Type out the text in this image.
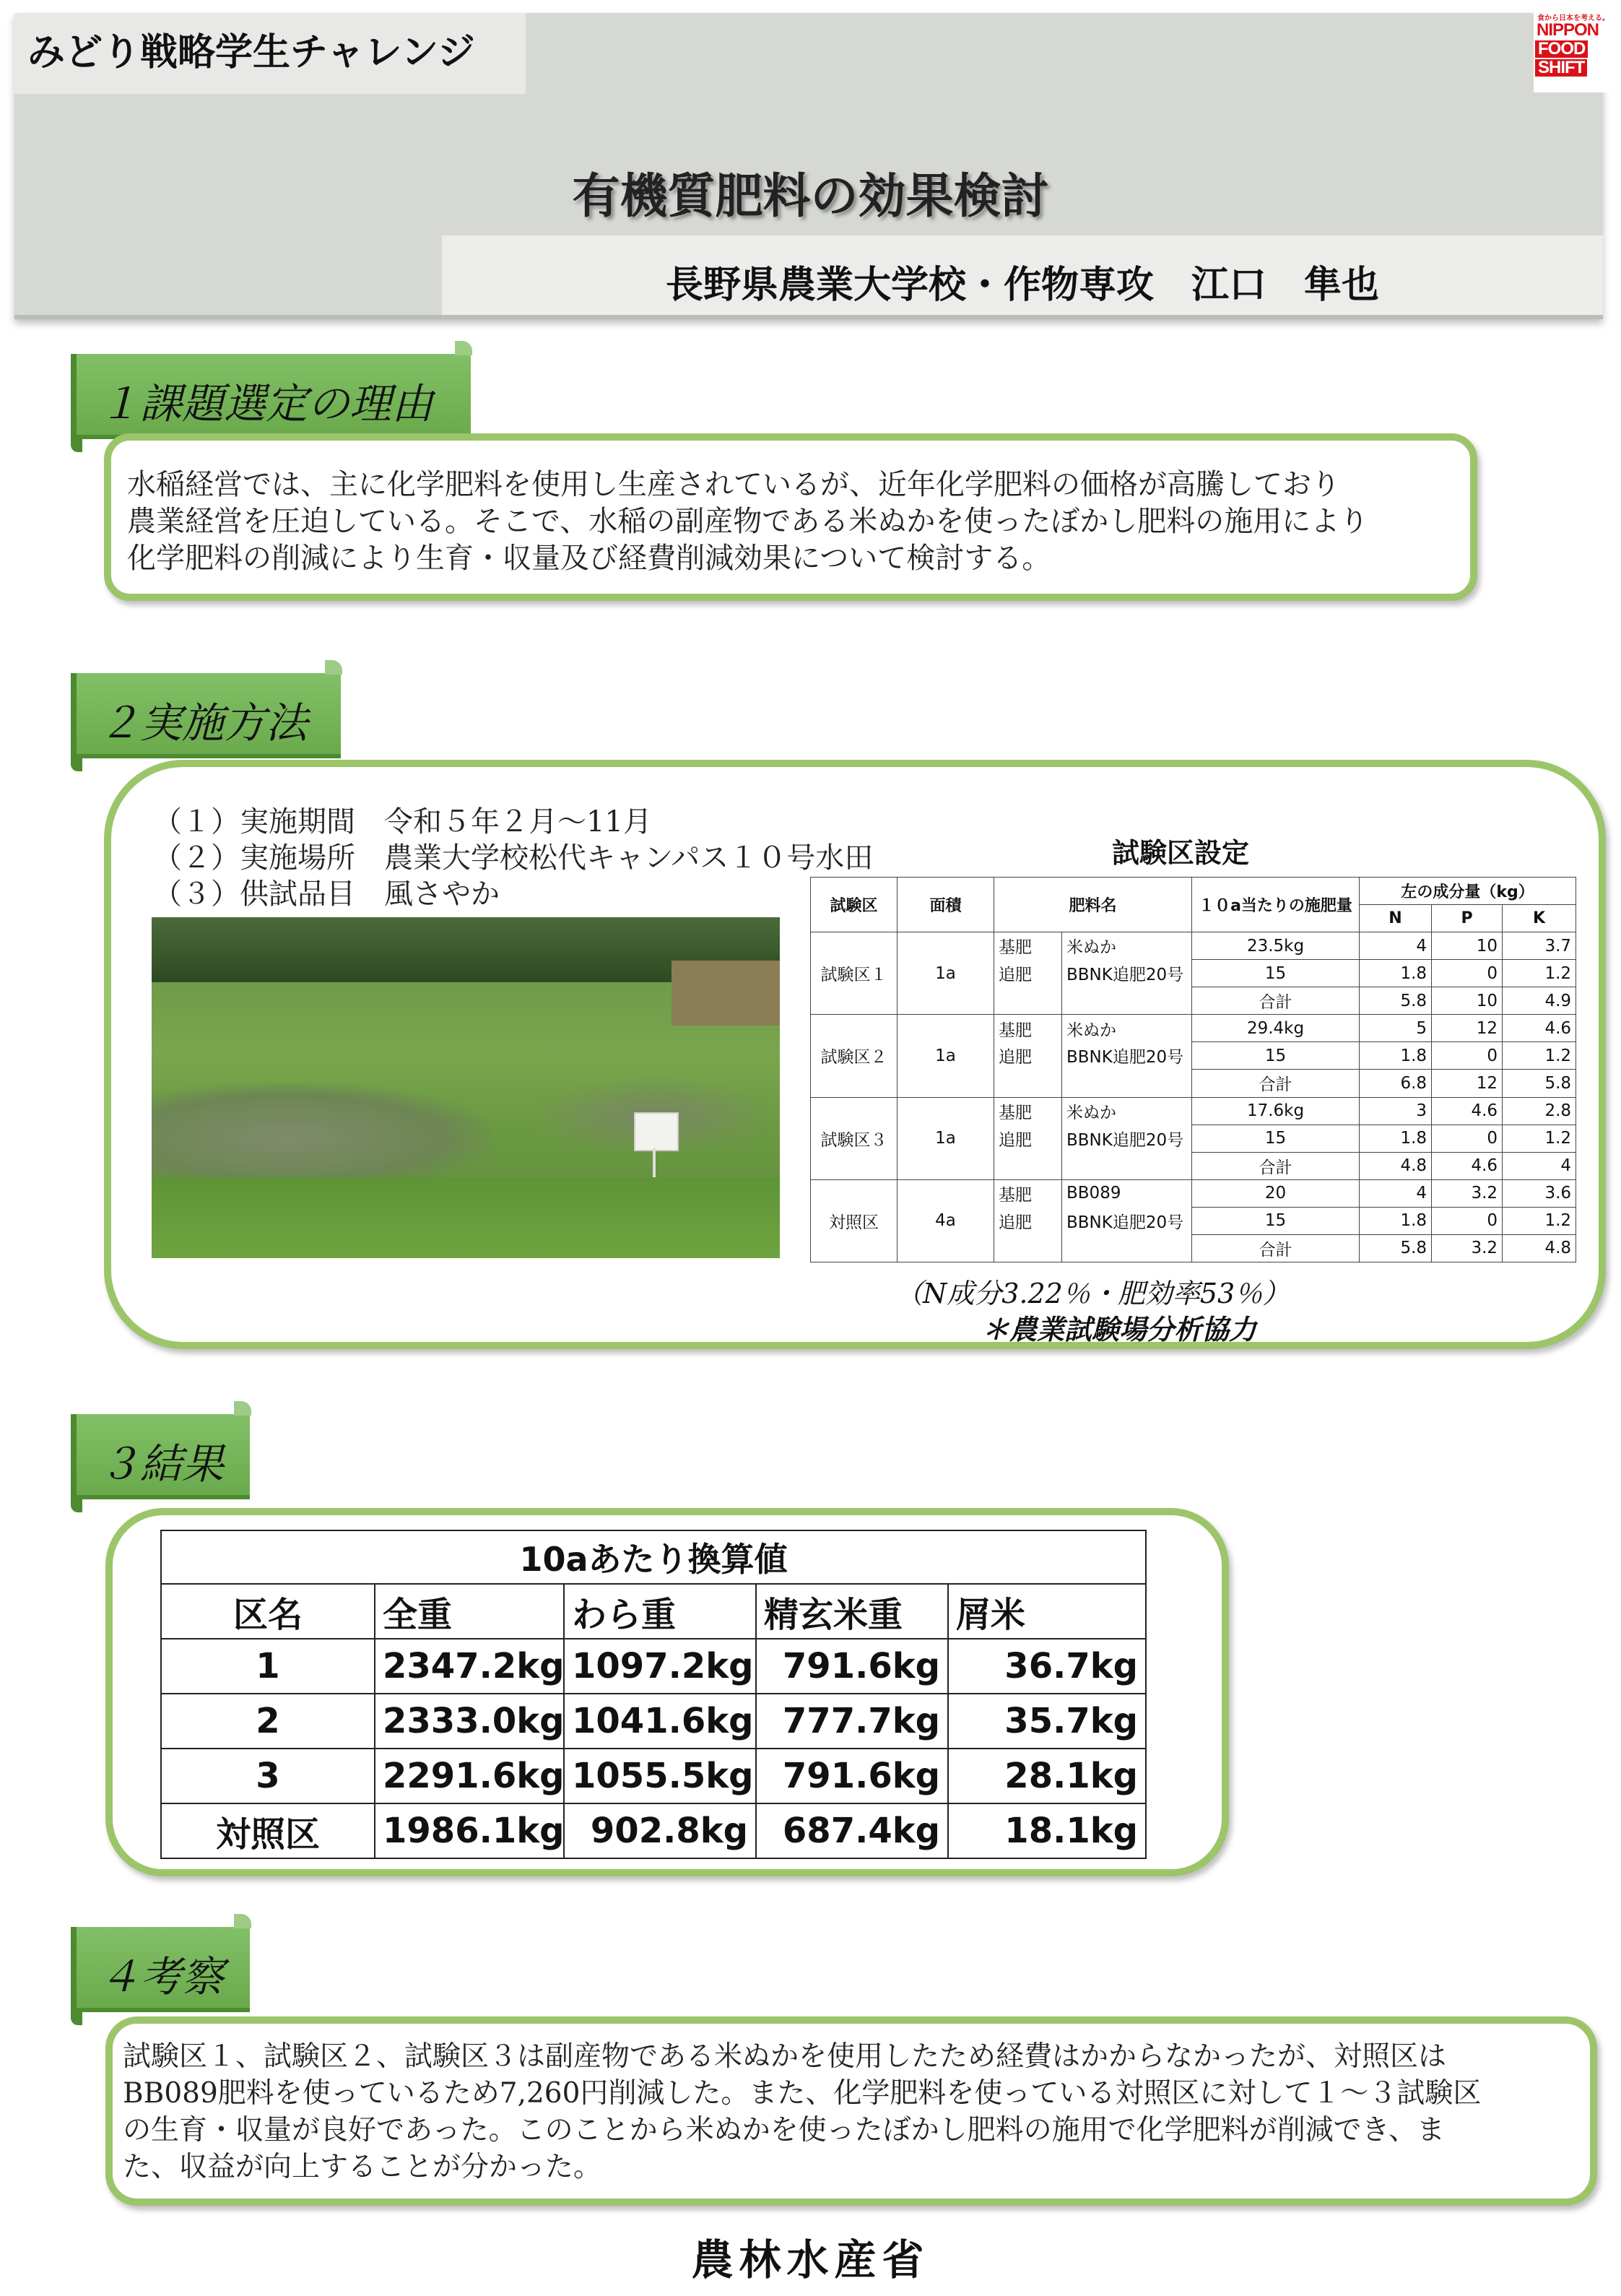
みどり戦略学生チャレンジ
有機質肥料の効果検討
長野県農業大学校・作物専攻　江口　隼也
食から日本を考える。
NIPPON
FOOD
SHIFT
１課題選定の理由
水稲経営では、主に化学肥料を使用し生産されているが、近年化学肥料の価格が高騰しており
農業経営を圧迫している。そこで、水稲の副産物である米ぬかを使ったぼかし肥料の施用により
化学肥料の削減により生育・収量及び経費削減効果について検討する。
２実施方法
（１）実施期間　令和５年２月～11月
（２）実施場所　農業大学校松代キャンパス１０号水田
（３）供試品目　風さやか
試験区設定
試験区	面積	肥料名		１０a当たりの施肥量	左の成分量（kg）		
					N	P	K
試験区１	1a	基肥	米ぬか	23.5kg	4	10	3.7
		追肥	BBNK追肥20号	15	1.8	0	1.2
				合計	5.8	10	4.9
試験区２	1a	基肥	米ぬか	29.4kg	5	12	4.6
		追肥	BBNK追肥20号	15	1.8	0	1.2
				合計	6.8	12	5.8
試験区３	1a	基肥	米ぬか	17.6kg	3	4.6	2.8
		追肥	BBNK追肥20号	15	1.8	0	1.2
				合計	4.8	4.6	4
対照区	4a	基肥	BB089	20	4	3.2	3.6
		追肥	BBNK追肥20号	15	1.8	0	1.2
				合計	5.8	3.2	4.8
（N成分3.22％・肥効率53％）
＊農業試験場分析協力
３結果
10aあたり換算値				
区名	全重	わら重	精玄米重	屑米
1	2347.2kg	1097.2kg	791.6kg	36.7kg
2	2333.0kg	1041.6kg	777.7kg	35.7kg
3	2291.6kg	1055.5kg	791.6kg	28.1kg
対照区	1986.1kg	902.8kg	687.4kg	18.1kg
４考察
試験区１、試験区２、試験区３は副産物である米ぬかを使用したため経費はかからなかったが、対照区は
BB089肥料を使っているため7,260円削減した。また、化学肥料を使っている対照区に対して１～３試験区
の生育・収量が良好であった。このことから米ぬかを使ったぼかし肥料の施用で化学肥料が削減でき、ま
た、収益が向上することが分かった。
農林水産省
